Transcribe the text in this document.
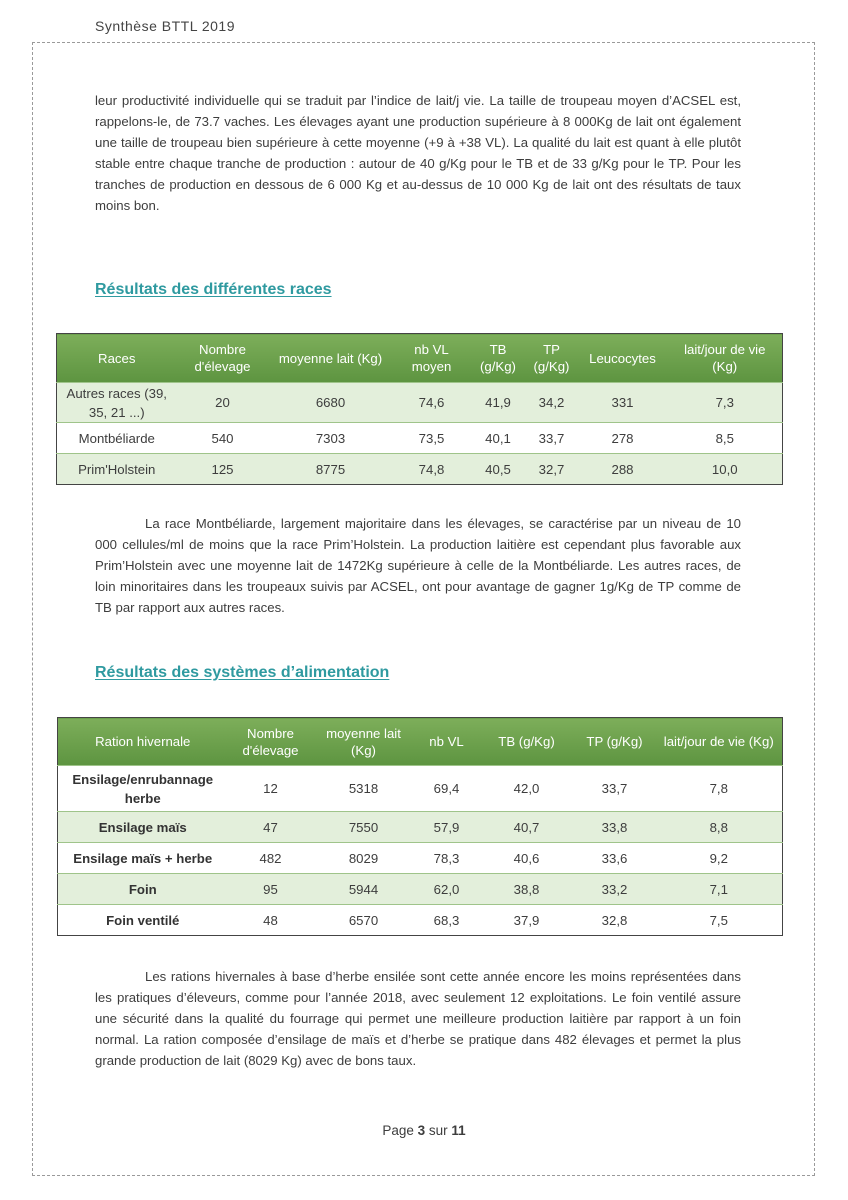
Synthèse BTTL 2019

leur productivité individuelle qui se traduit par l’indice de lait/j vie. La taille de troupeau moyen d’ACSEL est, rappelons-le, de 73.7 vaches. Les élevages ayant une production supérieure à 8 000Kg de lait ont également une taille de troupeau bien supérieure à cette moyenne (+9 à +38 VL). La qualité du lait est quant à elle plutôt stable entre chaque tranche de production : autour de 40 g/Kg pour le TB et de 33 g/Kg pour le TP. Pour les tranches de production en dessous de 6 000 Kg et au-dessus de 10 000 Kg de lait ont des résultats de taux moins bon.

Résultats des différentes races
Races	Nombre d'élevage	moyenne lait (Kg)	nb VL moyen	TB (g/Kg)	TP (g/Kg)	Leucocytes	lait/jour de vie (Kg)
Autres races (39, 35, 21 ...)	20	6680	74,6	41,9	34,2	331	7,3
Montbéliarde	540	7303	73,5	40,1	33,7	278	8,5
Prim'Holstein	125	8775	74,8	40,5	32,7	288	10,0

La race Montbéliarde, largement majoritaire dans les élevages, se caractérise par un niveau de 10 000 cellules/ml de moins que la race Prim’Holstein. La production laitière est cependant plus favorable aux Prim’Holstein avec une moyenne lait de 1472Kg supérieure à celle de la Montbéliarde. Les autres races, de loin minoritaires dans les troupeaux suivis par ACSEL, ont pour avantage de gagner 1g/Kg de TP comme de TB par rapport aux autres races.

Résultats des systèmes d’alimentation
Ration hivernale	Nombre d'élevage	moyenne lait (Kg)	nb VL	TB (g/Kg)	TP (g/Kg)	lait/jour de vie (Kg)
Ensilage/enrubannage herbe	12	5318	69,4	42,0	33,7	7,8
Ensilage maïs	47	7550	57,9	40,7	33,8	8,8
Ensilage maïs + herbe	482	8029	78,3	40,6	33,6	9,2
Foin	95	5944	62,0	38,8	33,2	7,1
Foin ventilé	48	6570	68,3	37,9	32,8	7,5

Les rations hivernales à base d’herbe ensilée sont cette année encore les moins représentées dans les pratiques d’éleveurs, comme pour l’année 2018, avec seulement 12 exploitations. Le foin ventilé assure une sécurité dans la qualité du fourrage qui permet une meilleure production laitière par rapport à un foin normal. La ration composée d’ensilage de maïs et d’herbe se pratique dans 482 élevages et permet la plus grande production de lait (8029 Kg) avec de bons taux.

Page 3 sur 11
